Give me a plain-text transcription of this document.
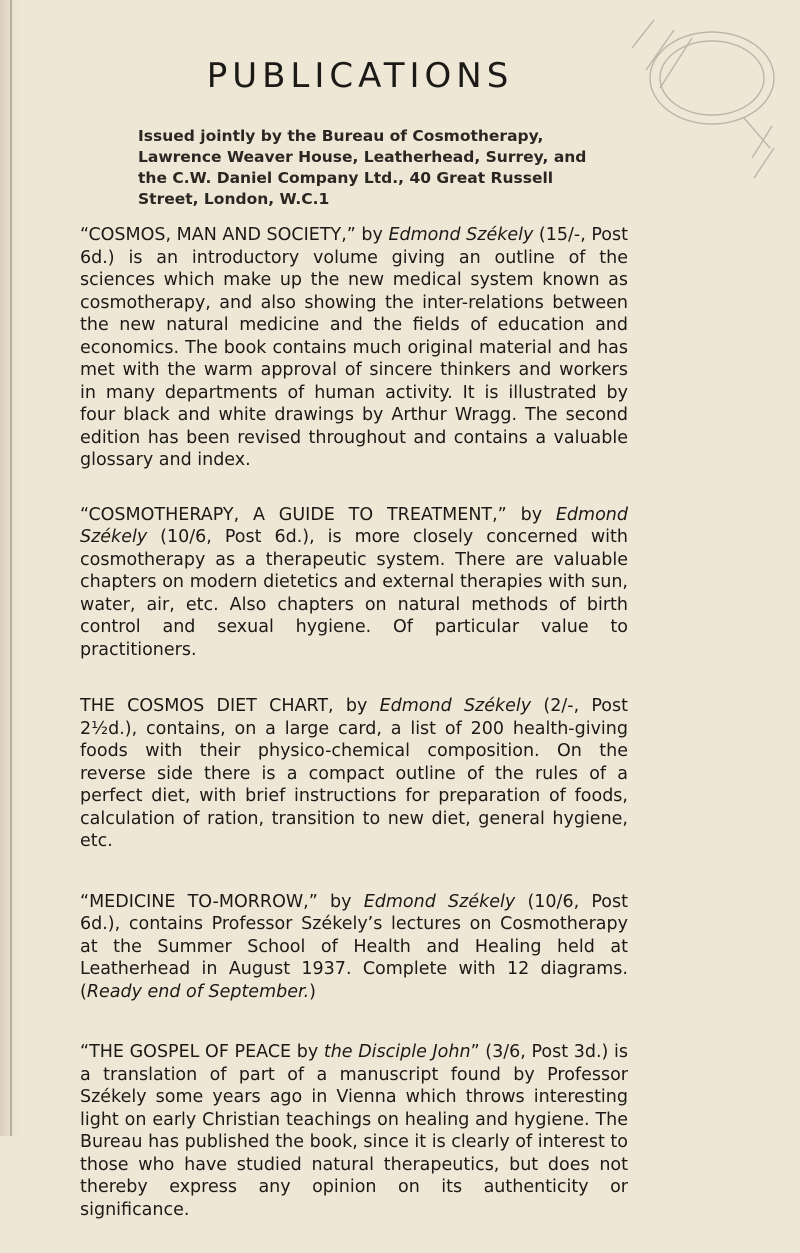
PUBLICATIONS

Issued jointly by the Bureau of Cosmotherapy, Lawrence Weaver House, Leatherhead, Surrey, and the C.W. Daniel Company Ltd., 40 Great Russell Street, London, W.C.1

“COSMOS, MAN AND SOCIETY,” by Edmond Székely (15/-, Post 6d.) is an introductory volume giving an outline of the sciences which make up the new medical system known as cosmotherapy, and also showing the inter-relations between the new natural medicine and the fields of education and economics. The book contains much original material and has met with the warm approval of sincere thinkers and workers in many departments of human activity. It is illustrated by four black and white drawings by Arthur Wragg. The second edition has been revised throughout and contains a valuable glossary and index.

“COSMOTHERAPY, A GUIDE TO TREATMENT,” by Edmond Székely (10/6, Post 6d.), is more closely concerned with cosmotherapy as a therapeutic system. There are valuable chapters on modern dietetics and external therapies with sun, water, air, etc. Also chapters on natural methods of birth control and sexual hygiene. Of particular value to practitioners.

THE COSMOS DIET CHART, by Edmond Székely (2/-, Post 2½d.), contains, on a large card, a list of 200 health-giving foods with their physico-chemical composition. On the reverse side there is a compact outline of the rules of a perfect diet, with brief instructions for preparation of foods, calculation of ration, transition to new diet, general hygiene, etc.

“MEDICINE TO-MORROW,” by Edmond Székely (10/6, Post 6d.), contains Professor Székely’s lectures on Cosmotherapy at the Summer School of Health and Healing held at Leatherhead in August 1937. Complete with 12 diagrams. (Ready end of September.)

“THE GOSPEL OF PEACE by the Disciple John” (3/6, Post 3d.) is a translation of part of a manuscript found by Professor Székely some years ago in Vienna which throws interesting light on early Christian teachings on healing and hygiene. The Bureau has published the book, since it is clearly of interest to those who have studied natural therapeutics, but does not thereby express any opinion on its authenticity or significance.
